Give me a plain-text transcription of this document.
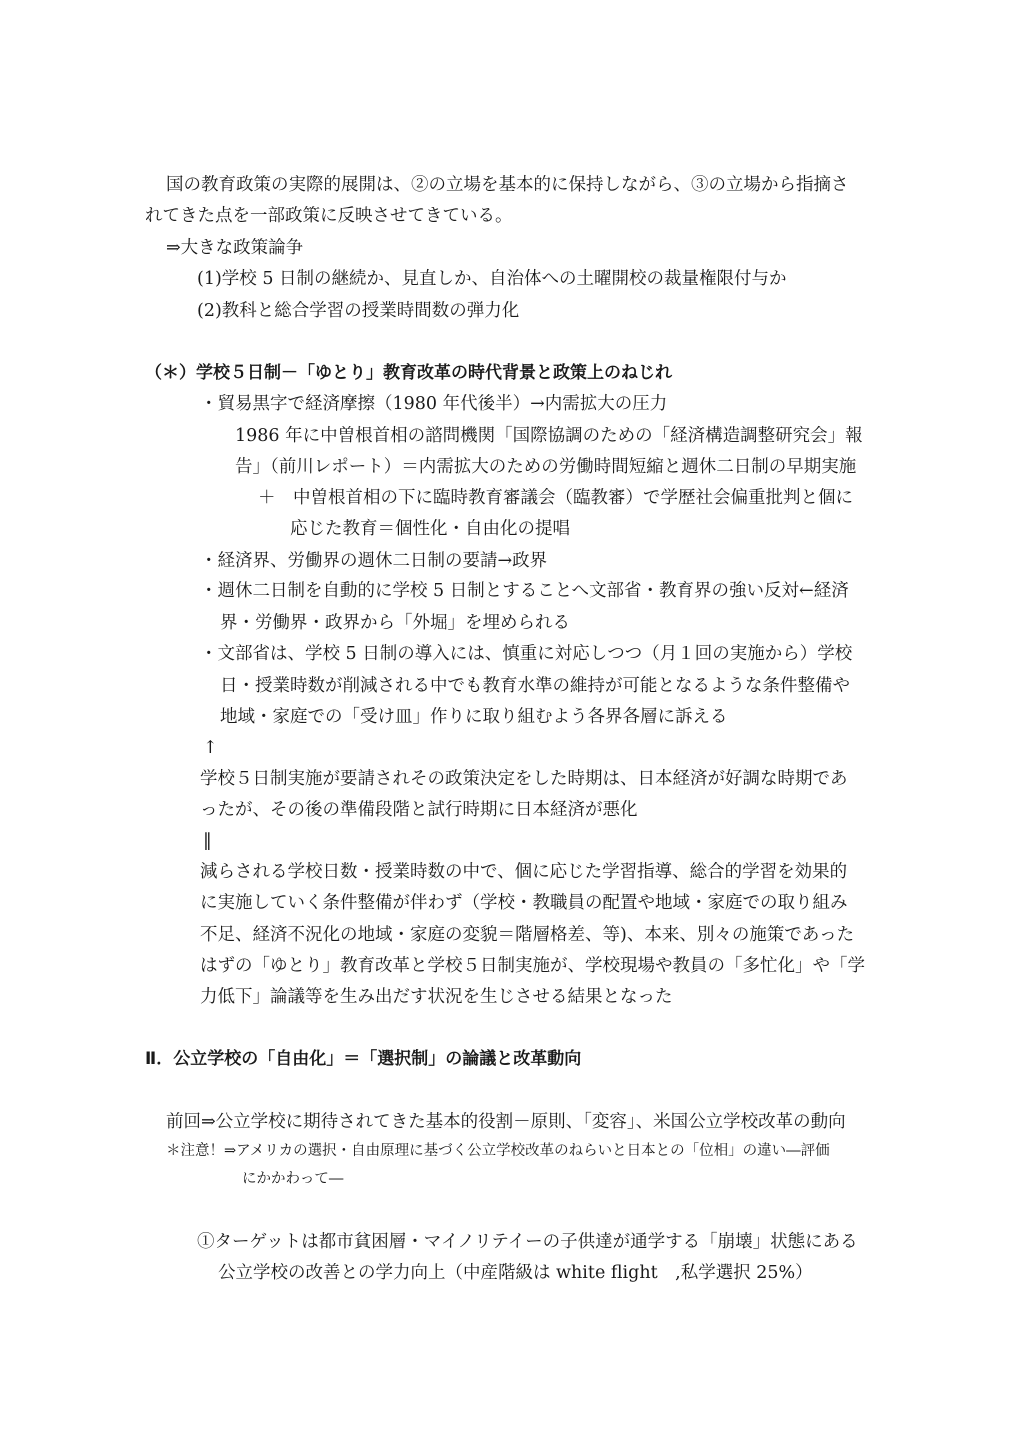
国の教育政策の実際的展開は、②の立場を基本的に保持しながら、③の立場から指摘さ
れてきた点を一部政策に反映させてきている。
⇒大きな政策論争
(1)学校 5 日制の継続か、見直しか、自治体への土曜開校の裁量権限付与か
(2)教科と総合学習の授業時間数の弾力化
（＊）学校５日制－「ゆとり」教育改革の時代背景と政策上のねじれ
・貿易黒字で経済摩擦（1980 年代後半）→内需拡大の圧力
1986 年に中曽根首相の諮問機関「国際協調のための「経済構造調整研究会」報
告」（前川レポート）＝内需拡大のための労働時間短縮と週休二日制の早期実施
＋　中曽根首相の下に臨時教育審議会（臨教審）で学歴社会偏重批判と個に
応じた教育＝個性化・自由化の提唱
・経済界、労働界の週休二日制の要請→政界
・週休二日制を自動的に学校 5 日制とすることへ文部省・教育界の強い反対←経済
界・労働界・政界から「外堀」を埋められる
・文部省は、学校 5 日制の導入には、慎重に対応しつつ（月１回の実施から）学校
日・授業時数が削減される中でも教育水準の維持が可能となるような条件整備や
地域・家庭での「受け皿」作りに取り組むよう各界各層に訴える
↑
学校５日制実施が要請されその政策決定をした時期は、日本経済が好調な時期であ
ったが、その後の準備段階と試行時期に日本経済が悪化
‖
減らされる学校日数・授業時数の中で、個に応じた学習指導、総合的学習を効果的
に実施していく条件整備が伴わず（学校・教職員の配置や地域・家庭での取り組み
不足、経済不況化の地域・家庭の変貌＝階層格差、等)、本来、別々の施策であった
はずの「ゆとり」教育改革と学校５日制実施が、学校現場や教員の「多忙化」や「学
力低下」論議等を生み出だす状況を生じさせる結果となった
Ⅱ．公立学校の「自由化」＝「選択制」の論議と改革動向
前回⇒公立学校に期待されてきた基本的役割－原則、「変容」、米国公立学校改革の動向
＊注意！⇒アメリカの選択・自由原理に基づく公立学校改革のねらいと日本との「位相」の違い―評価
にかかわって―
①ターゲットは都市貧困層・マイノリテイーの子供達が通学する「崩壊」状態にある
公立学校の改善との学力向上（中産階級は white flight　,私学選択 25%）
